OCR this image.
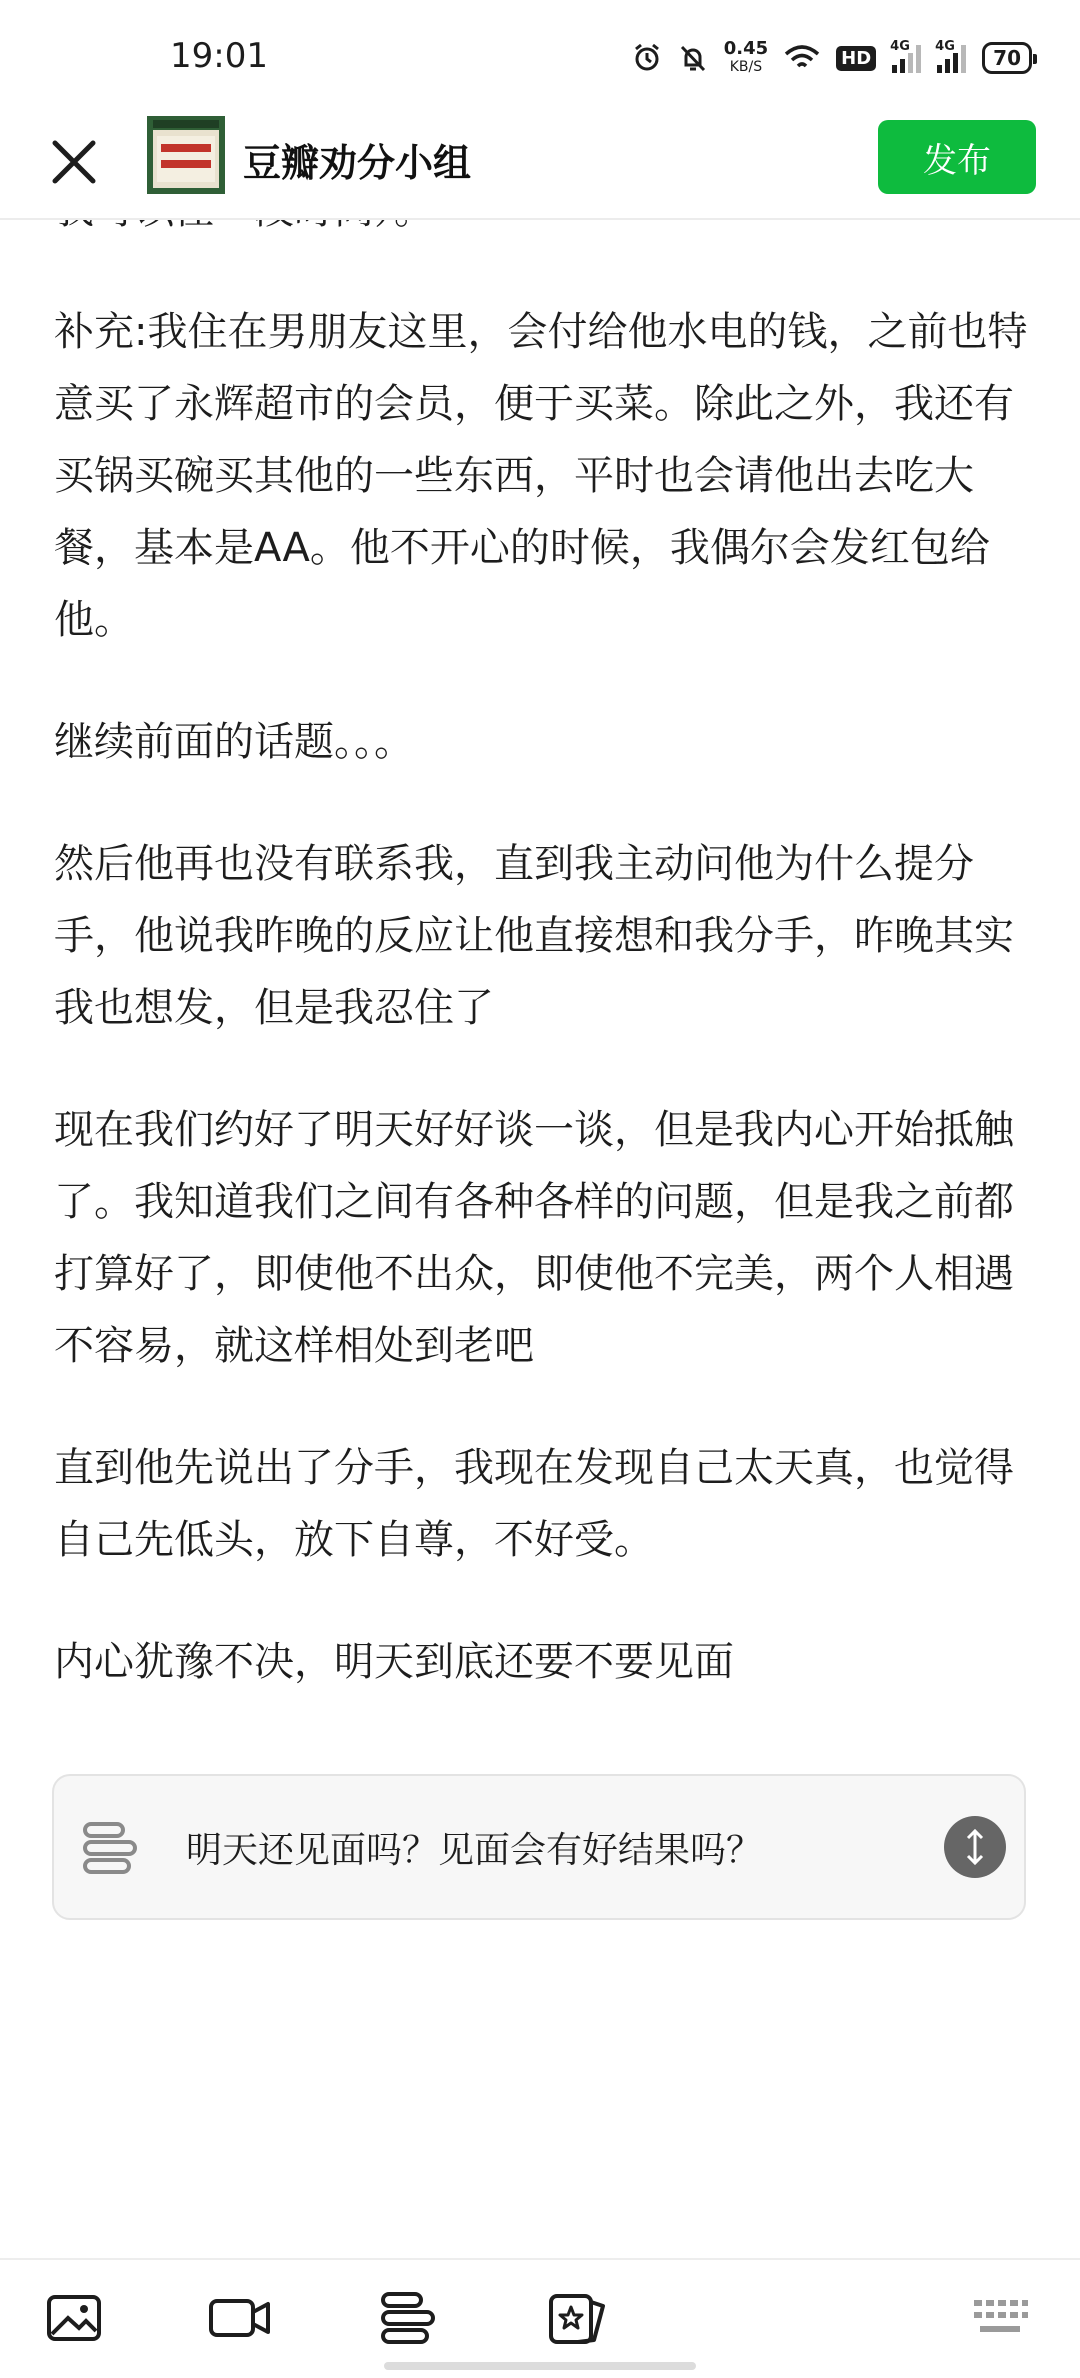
19:01	0.45
KB/S	HD
4G 4G	70
豆瓣劝分小组	发布

补充:我住在男朋友这里，会付给他水电的钱，之前也特意买了永辉超市的会员，便于买菜。除此之外，我还有买锅买碗买其他的一些东西，平时也会请他出去吃大餐，基本是AA。他不开心的时候，我偶尔会发红包给他。

继续前面的话题。。。

然后他再也没有联系我，直到我主动问他为什么提分手，他说我昨晚的反应让他直接想和我分手，昨晚其实我也想发，但是我忍住了

现在我们约好了明天好好谈一谈，但是我内心开始抵触了。我知道我们之间有各种各样的问题，但是我之前都打算好了，即使他不出众，即使他不完美，两个人相遇不容易，就这样相处到老吧

直到他先说出了分手，我现在发现自己太天真，也觉得自己先低头，放下自尊，不好受。

内心犹豫不决，明天到底还要不要见面

明天还见面吗？见面会有好结果吗？
